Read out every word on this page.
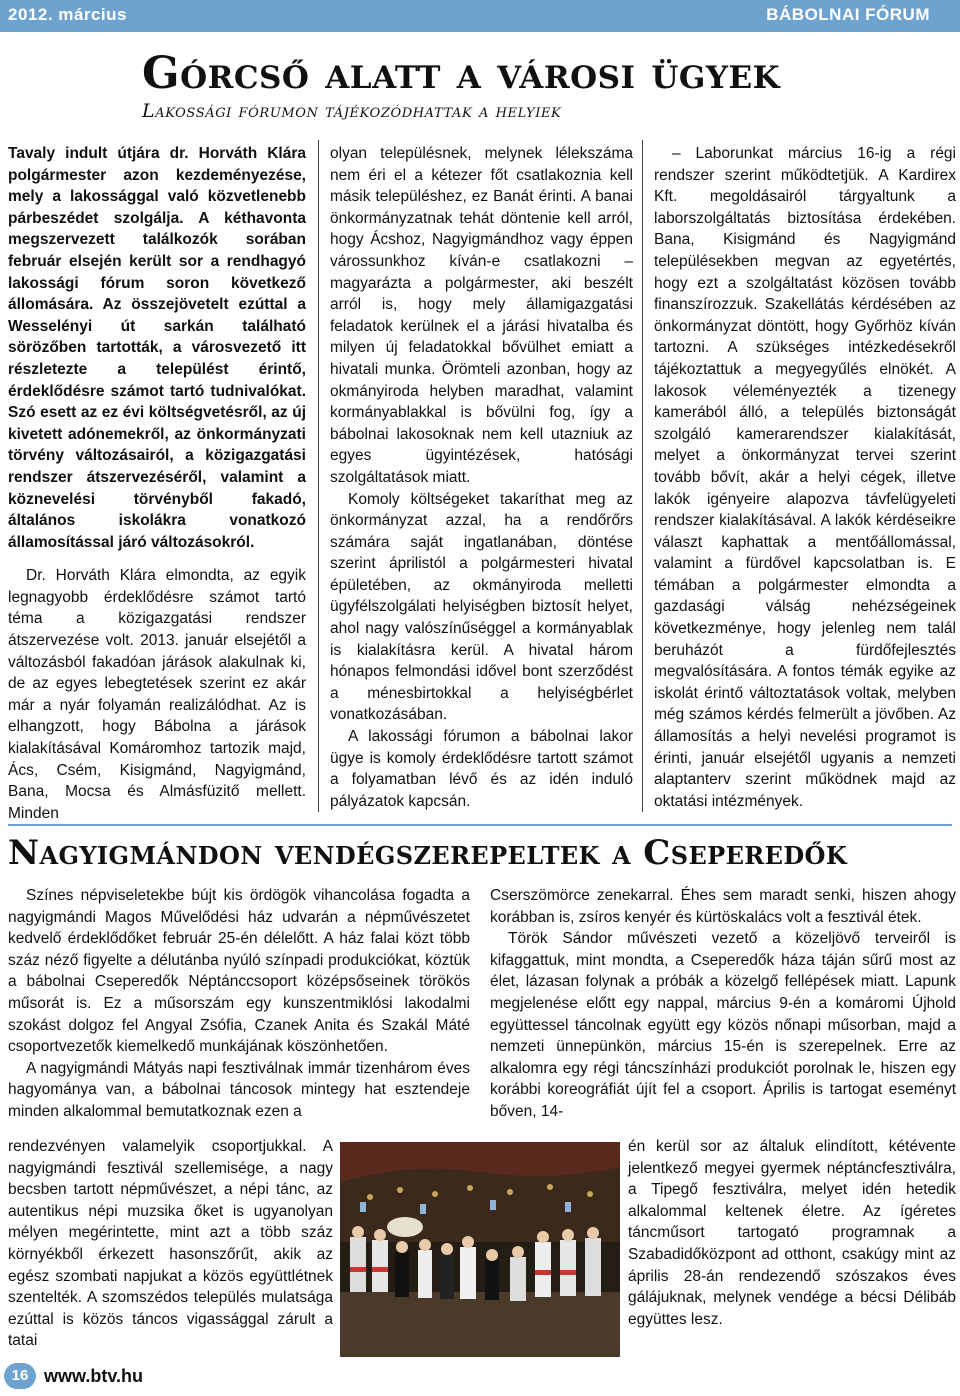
2012. március	BÁBOLNAI FÓRUM
Górcső alatt a városi ügyek
Lakossági fórumon tájékozódhattak a helyiek

Tavaly indult útjára dr. Horváth Klára polgármester azon kezdeményezése, mely a lakossággal való közvetlenebb párbeszédet szolgálja. A kéthavonta megszervezett találkozók sorában február elsején került sor a rendhagyó lakossági fórum soron következő állomására. Az összejövetelt ezúttal a Wesselényi út sarkán található sörözőben tartották, a városvezető itt részletezte a települést érintő, érdeklődésre számot tartó tudnivalókat. Szó esett az ez évi költségvetésről, az új kivetett adónemekről, az önkormányzati törvény változásairól, a közigazgatási rendszer átszervezéséről, valamint a köznevelési törvényből fakadó, általános iskolákra vonatkozó államosítással járó változásokról.

Dr. Horváth Klára elmondta, az egyik legnagyobb érdeklődésre számot tartó téma a közigazgatási rendszer átszervezése volt. 2013. január elsejétől a változásból fakadóan járások alakulnak ki, de az egyes lebegtetések szerint ez akár már a nyár folyamán realizálódhat. Az is elhangzott, hogy Bábolna a járások kialakításával Komáromhoz tartozik majd, Ács, Csém, Kisigmánd, Nagyigmánd, Bana, Mocsa és Almásfüzitő mellett. Minden

olyan településnek, melynek lélekszáma nem éri el a kétezer főt csatlakoznia kell másik településhez, ez Banát érinti. A banai önkormányzatnak tehát döntenie kell arról, hogy Ácshoz, Nagyigmándhoz vagy éppen várossunkhoz kíván-e csatlakozni – magyarázta a polgármester, aki beszélt arról is, hogy mely államigazgatási feladatok kerülnek el a járási hivatalba és milyen új feladatokkal bővülhet emiatt a hivatali munka. Örömteli azonban, hogy az okmányiroda helyben maradhat, valamint kormányablakkal is bővülni fog, így a bábolnai lakosoknak nem kell utazniuk az egyes ügyintézések, hatósági szolgáltatások miatt.

Komoly költségeket takaríthat meg az önkormányzat azzal, ha a rendőrőrs számára saját ingatlanában, döntése szerint áprilistól a polgármesteri hivatal épületében, az okmányiroda melletti ügyfélszolgálati helyiségben biztosít helyet, ahol nagy valószínűséggel a kormányablak is kialakításra kerül. A hivatal három hónapos felmondási idővel bont szerződést a ménesbirtokkal a helyiségbérlet vonatkozásában.

A lakossági fórumon a bábolnai lakor ügye is komoly érdeklődésre tartott számot a folyamatban lévő és az idén induló pályázatok kapcsán.

– Laborunkat március 16-ig a régi rendszer szerint működtetjük. A Kardirex Kft. megoldásairól tárgyaltunk a laborszolgáltatás biztosítása érdekében. Bana, Kisigmánd és Nagyigmánd településekben megvan az egyetértés, hogy ezt a szolgáltatást közösen tovább finanszírozzuk. Szakellátás kérdésében az önkormányzat döntött, hogy Győrhöz kíván tartozni. A szükséges intézkedésekről tájékoztattuk a megyegyűlés elnökét. A lakosok véleményezték a tizenegy kamerából álló, a település biztonságát szolgáló kamerarendszer kialakítását, melyet a önkormányzat tervei szerint tovább bővít, akár a helyi cégek, illetve lakók igényeire alapozva távfelügyeleti rendszer kialakításával. A lakók kérdéseikre választ kaphattak a mentőállomással, valamint a fürdővel kapcsolatban is. E témában a polgármester elmondta a gazdasági válság nehézségeinek következménye, hogy jelenleg nem talál beruházót a fürdőfejlesztés megvalósítására. A fontos témák egyike az iskolát érintő változtatások voltak, melyben még számos kérdés felmerült a jövőben. Az államosítás a helyi nevelési programot is érinti, január elsejétől ugyanis a nemzeti alaptanterv szerint működnek majd az oktatási intézmények.

Nagyigmándon vendégszerepeltek a Cseperedők

Színes népviseletekbe bújt kis ördögök vihancolása fogadta a nagyigmándi Magos Művelődési ház udvarán a népművészetet kedvelő érdeklődőket február 25-én délelőtt. A ház falai közt több száz néző figyelte a délutánba nyúló színpadi produkciókat, köztük a bábolnai Cseperedők Néptánccsoport középsőseinek törökös műsorát is. Ez a műsorszám egy kunszentmiklósi lakodalmi szokást dolgoz fel Angyal Zsófia, Czanek Anita és Szakál Máté csoportvezetők kiemelkedő munkájának köszönhetően.

A nagyigmándi Mátyás napi fesztiválnak immár tizenhárom éves hagyománya van, a bábolnai táncosok mintegy hat esztendeje minden alkalommal bemutatkoznak ezen a

rendezvényen valamelyik csoportjukkal. A nagyigmándi fesztivál szellemisége, a nagy becsben tartott népművészet, a népi tánc, az autentikus népi muzsika őket is ugyanolyan mélyen megérintette, mint azt a több száz környékből érkezett hasonszőrűt, akik az egész szombati napjukat a közös együttlétnek szentelték. A szomszédos település mulatsága ezúttal is közös táncos vigassággal zárult a tatai

Cserszömörce zenekarral. Éhes sem maradt senki, hiszen ahogy korábban is, zsíros kenyér és kürtöskalács volt a fesztivál étek.

Török Sándor művészeti vezető a közeljövő terveiről is kifaggattuk, mint mondta, a Cseperedők háza táján sűrű most az élet, lázasan folynak a próbák a közelgő fellépések miatt. Lapunk megjelenése előtt egy nappal, március 9-én a komáromi Újhold együttessel táncolnak együtt egy közös nőnapi műsorban, majd a nemzeti ünnepünkön, március 15-én is szerepelnek. Erre az alkalomra egy régi táncszínházi produkciót porolnak le, hiszen egy korábbi koreográfiát újít fel a csoport. Április is tartogat eseményt bőven, 14-

én kerül sor az általuk elindított, kétévente jelentkező megyei gyermek néptáncfesztiválra, a Tipegő fesztiválra, melyet idén hetedik alkalommal keltenek életre. Az ígéretes táncműsort tartogató programnak a Szabadidőközpont ad otthont, csakúgy mint az április 28-án rendezendő szószakos éves gálájuknak, melynek vendége a bécsi Délibáb együttes lesz.

16 www.btv.hu
